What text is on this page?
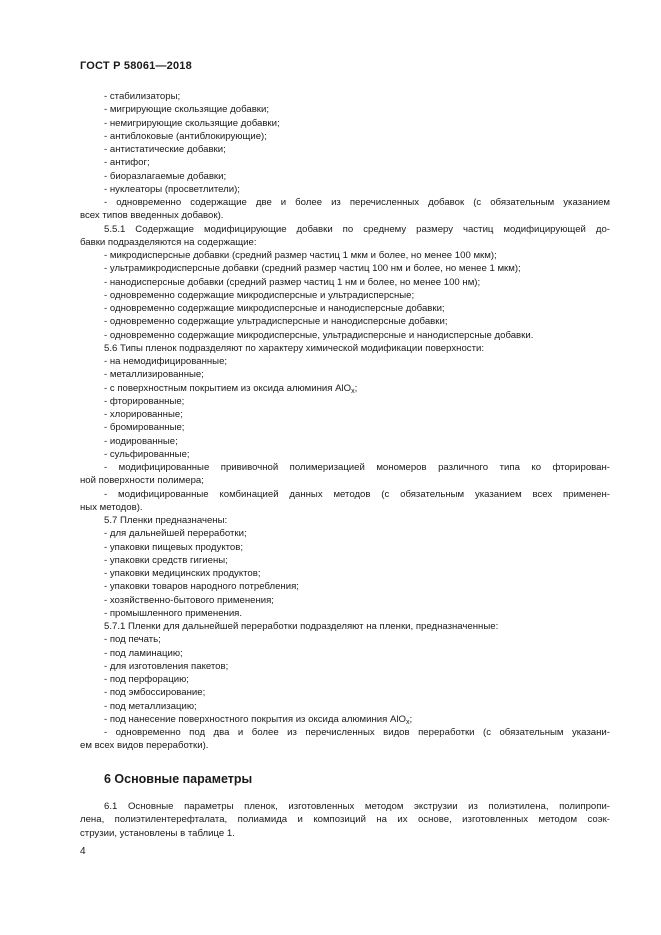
ГОСТ Р 58061—2018
- стабилизаторы;
- мигрирующие скользящие добавки;
- немигрирующие скользящие добавки;
- антиблоковые (антиблокирующие);
- антистатические добавки;
- антифог;
- биоразлагаемые добавки;
- нуклеаторы (просветлители);
- одновременно содержащие две и более из перечисленных добавок (с обязательным указанием
всех типов введенных добавок).
5.5.1 Содержащие модифицирующие добавки по среднему размеру частиц модифицирующей до-
бавки подразделяются на содержащие:
- микродисперсные добавки (средний размер частиц 1 мкм и более, но менее 100 мкм);
- ультрамикродисперсные добавки (средний размер частиц 100 нм и более, но менее 1 мкм);
- нанодисперсные добавки (средний размер частиц 1 нм и более, но менее 100 нм);
- одновременно содержащие микродисперсные и ультрадисперсные;
- одновременно содержащие микродисперсные и нанодисперсные добавки;
- одновременно содержащие ультрадисперсные и нанодисперсные добавки;
- одновременно содержащие микродисперсные, ультрадисперсные и нанодисперсные добавки.
5.6 Типы пленок подразделяют по характеру химической модификации поверхности:
- на немодифицированные;
- металлизированные;
- с поверхностным покрытием из оксида алюминия AlO$_x$;
- фторированные;
- хлорированные;
- бромированные;
- иодированные;
- сульфированные;
- модифицированные прививочной полимеризацией мономеров различного типа ко фторирован-
ной поверхности полимера;
- модифицированные комбинацией данных методов (с обязательным указанием всех применен-
ных методов).
5.7 Пленки предназначены:
- для дальнейшей переработки;
- упаковки пищевых продуктов;
- упаковки средств гигиены;
- упаковки медицинских продуктов;
- упаковки товаров народного потребления;
- хозяйственно-бытового применения;
- промышленного применения.
5.7.1 Пленки для дальнейшей переработки подразделяют на пленки, предназначенные:
- под печать;
- под ламинацию;
- для изготовления пакетов;
- под перфорацию;
- под эмбоссирование;
- под металлизацию;
- под нанесение поверхностного покрытия из оксида алюминия AlO$_x$;
- одновременно под два и более из перечисленных видов переработки (с обязательным указани-
ем всех видов переработки).
6 Основные параметры
6.1 Основные параметры пленок, изготовленных методом экструзии из полиэтилена, полипропи-
лена, полиэтилентерефталата, полиамида и композиций на их основе, изготовленных методом соэк-
струзии, установлены в таблице 1.
4
